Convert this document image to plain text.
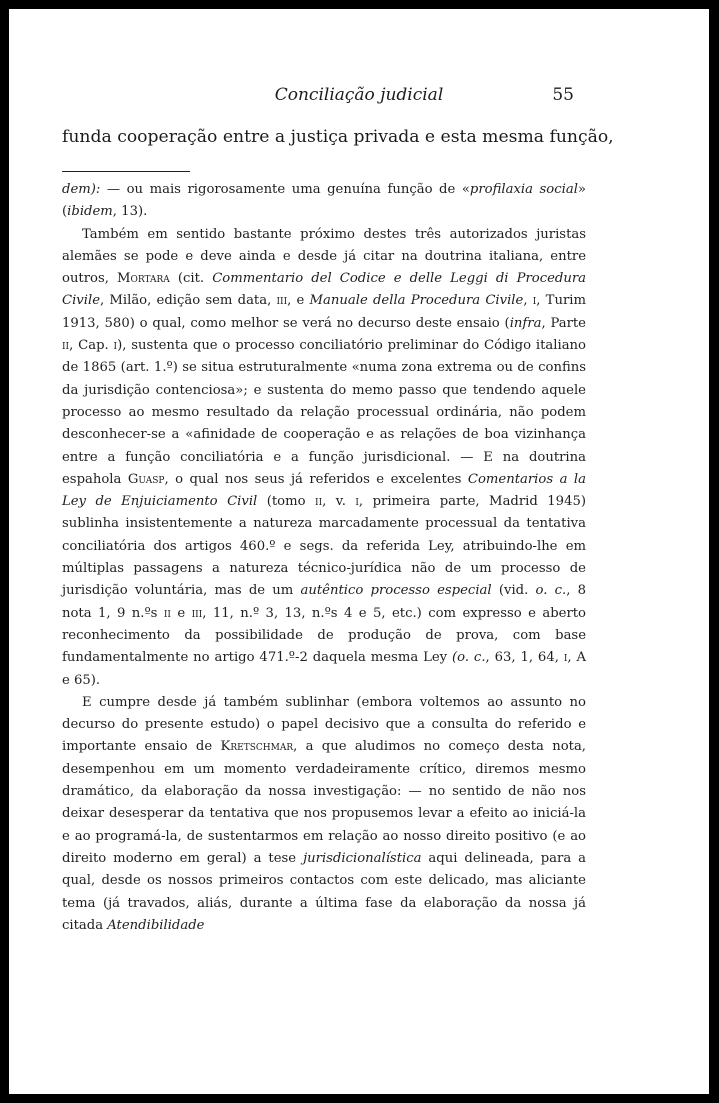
Conciliação judicial	55
funda cooperação entre a justiça privada e esta mesma função,

dem): — ou mais rigorosamente uma genuína função de «profilaxia social» (ibidem, 13).

Também em sentido bastante próximo destes três autorizados juristas alemães se pode e deve ainda e desde já citar na doutrina italiana, entre outros, Mortara (cit. Commentario del Codice e delle Leggi di Procedura Civile, Milão, edição sem data, iii, e Manuale della Procedura Civile, i, Turim 1913, 580) o qual, como melhor se verá no decurso deste ensaio (infra, Parte ii, Cap. i), sustenta que o processo conciliatório preliminar do Código italiano de 1865 (art. 1.º) se situa estruturalmente «numa zona extrema ou de confins da jurisdição contenciosa»; e sustenta do memo passo que tendendo aquele processo ao mesmo resultado da relação processual ordinária, não podem desconhecer-se a «afinidade de cooperação e as relações de boa vizinhança entre a função conciliatória e a função jurisdicional. — E na doutrina espahola Guasp, o qual nos seus já referidos e excelentes Comentarios a la Ley de Enjuiciamento Civil (tomo ii, v. i, primeira parte, Madrid 1945) sublinha insistentemente a natureza marcadamente processual da tentativa conciliatória dos artigos 460.º e segs. da referida Ley, atribuindo-lhe em múltiplas passagens a natureza técnico-jurídica não de um processo de jurisdição voluntária, mas de um autêntico processo especial (vid. o. c., 8 nota 1, 9 n.ºs ii e iii, 11, n.º 3, 13, n.ºs 4 e 5, etc.) com expresso e aberto reconhecimento da possibilidade de produção de prova, com base fundamentalmente no artigo 471.º-2 daquela mesma Ley (o. c., 63, 1, 64, i, A e 65).

E cumpre desde já também sublinhar (embora voltemos ao assunto no decurso do presente estudo) o papel decisivo que a consulta do referido e importante ensaio de Kretschmar, a que aludimos no começo desta nota, desempenhou em um momento verdadeiramente crítico, diremos mesmo dramático, da elaboração da nossa investigação: — no sentido de não nos deixar desesperar da tentativa que nos propusemos levar a efeito ao iniciá-la e ao programá-la, de sustentarmos em relação ao nosso direito positivo (e ao direito moderno em geral) a tese jurisdicionalística aqui delineada, para a qual, desde os nossos primeiros contactos com este delicado, mas aliciante tema (já travados, aliás, durante a última fase da elaboração da nossa já citada Atendibilidade
